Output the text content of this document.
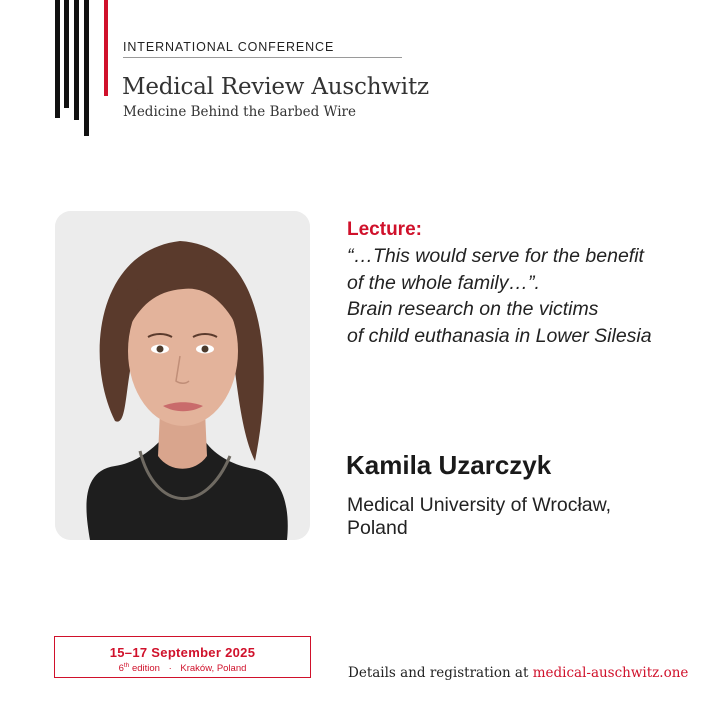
INTERNATIONAL CONFERENCE
Medical Review Auschwitz
Medicine Behind the Barbed Wire
Lecture:
“…This would serve for the benefit
of the whole family…”.
Brain research on the victims
of child euthanasia in Lower Silesia
Kamila Uzarczyk
Medical University of Wrocław,
Poland
15–17 September 2025
6th edition · Kraków, Poland	Details and registration at medical-auschwitz.one
